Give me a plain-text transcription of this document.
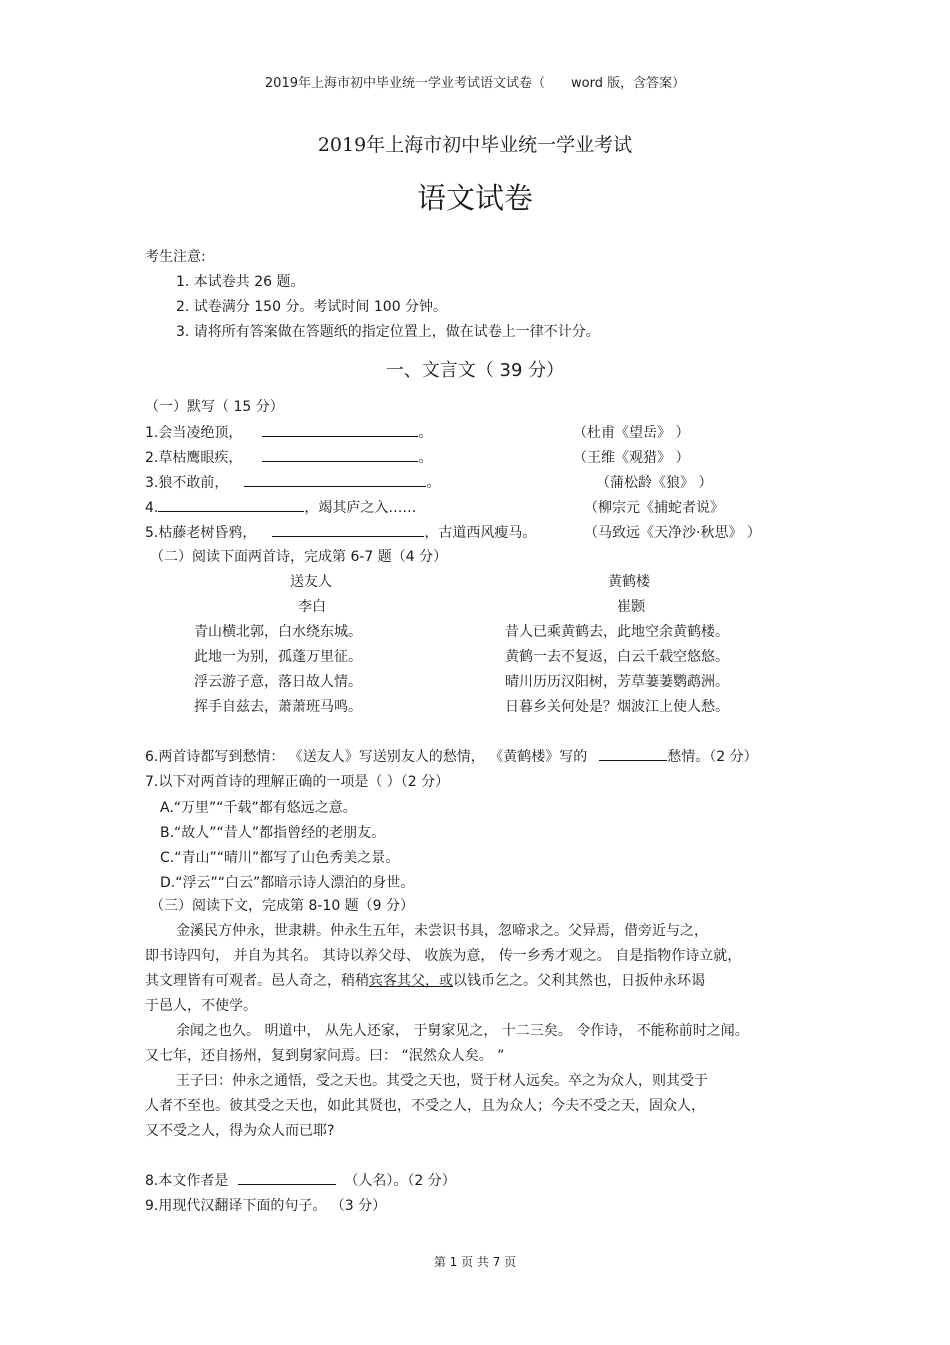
2019年上海市初中毕业统一学业考试语文试卷（　　word 版，含答案）
2019年上海市初中毕业统一学业考试
语文试卷
考生注意:
1. 本试卷共 26 题。
2. 试卷满分 150 分。考试时间 100 分钟。
3. 请将所有答案做在答题纸的指定位置上，做在试卷上一律不计分。
一、文言文（ 39 分）
（一）默写（ 15 分）
1.会当凌绝顶，	。	（杜甫《望岳》 ）
2.草枯鹰眼疾，	。	（王维《观猎》 ）
3.狼不敢前，	。	（蒲松龄《狼》 ）
4.	，竭其庐之入……	（柳宗元《捕蛇者说》
5.枯藤老树昏鸦，	，古道西风瘦马。	（马致远《天净沙·秋思》 ）
（二）阅读下面两首诗，完成第 6-7 题（4 分）
送友人
李白
青山横北郭，白水绕东城。
此地一为别，孤蓬万里征。
浮云游子意，落日故人情。
挥手自兹去，萧萧班马鸣。
黄鹤楼
崔颢
昔人已乘黄鹤去，此地空余黄鹤楼。
黄鹤一去不复返，白云千载空悠悠。
晴川历历汉阳树，芳草萋萋鹦鹉洲。
日暮乡关何处是？烟波江上使人愁。
6.两首诗都写到愁情： 《送友人》写送别友人的愁情， 《黄鹤楼》写的	愁情。（2 分）
7.以下对两首诗的理解正确的一项是（ ）（2 分）
A.“万里”“千载”都有悠远之意。
B.“故人”“昔人”都指曾经的老朋友。
C.“青山”“晴川”都写了山色秀美之景。
D.“浮云”“白云”都暗示诗人漂泊的身世。
（三）阅读下文，完成第 8-10 题（9 分）
金溪民方仲永，世隶耕。仲永生五年，未尝识书具，忽啼求之。父异焉，借旁近与之，
即书诗四句， 并自为其名。 其诗以养父母、 收族为意， 传一乡秀才观之。 自是指物作诗立就，
其文理皆有可观者。邑人奇之，稍稍宾客其父，或以钱币乞之。父利其然也，日扳仲永环谒
于邑人，不使学。
余闻之也久。 明道中， 从先人还家， 于舅家见之， 十二三矣。 令作诗， 不能称前时之闻。
又七年，还自扬州，复到舅家问焉。曰： “泯然众人矣。 ”
王子曰：仲永之通悟，受之天也。其受之天也，贤于材人远矣。卒之为众人，则其受于
人者不至也。彼其受之天也，如此其贤也，不受之人，且为众人；今夫不受之天，固众人，
又不受之人，得为众人而已耶?
8.本文作者是	（人名）。（2 分）
9.用现代汉翻译下面的句子。 （3 分）
第 1 页 共 7 页
